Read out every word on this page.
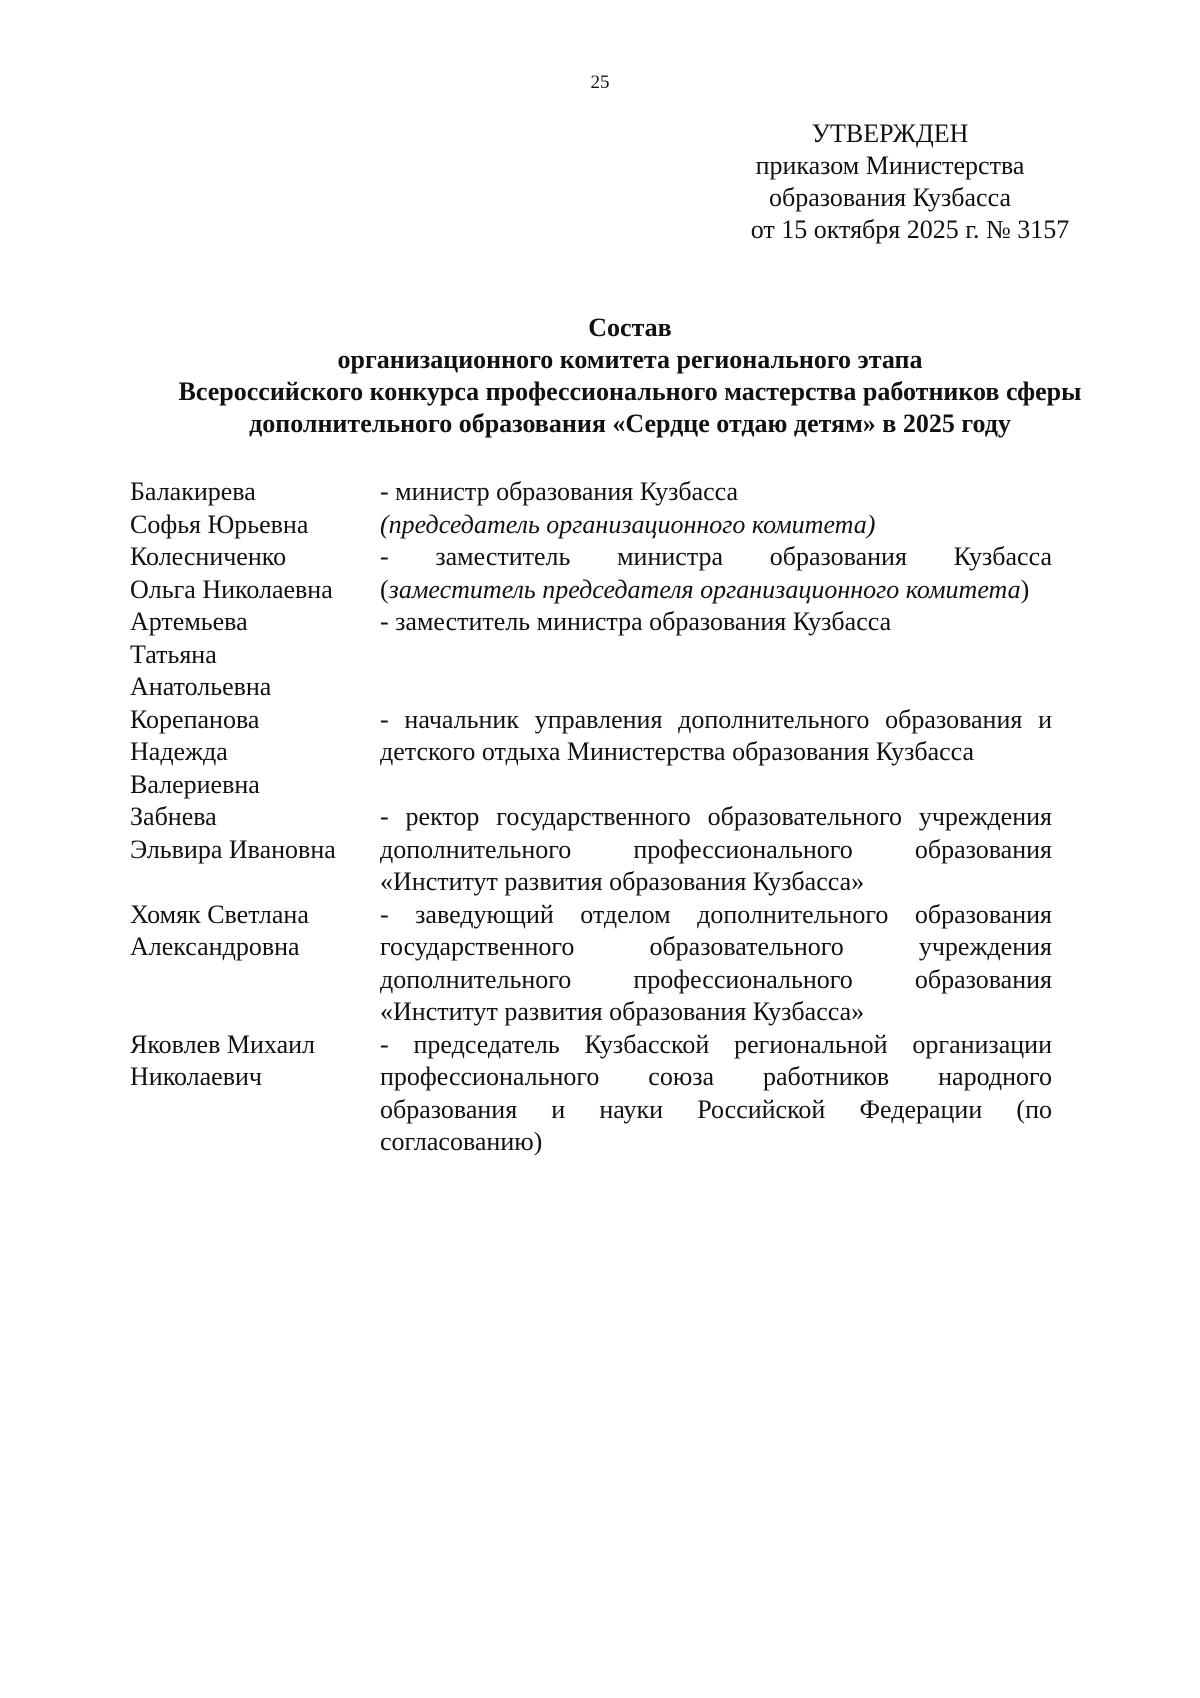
25
УТВЕРЖДЕН
приказом Министерства
образования Кузбасса
от 15 октября 2025 г. № 3157
Состав
организационного комитета регионального этапа
Всероссийского конкурса профессионального мастерства работников сферы
дополнительного образования «Сердце отдаю детям» в 2025 году
Балакирева
Софья Юрьевна
- министр образования Кузбасса
(председатель организационного комитета)
Колесниченко
Ольга Николаевна
- заместитель министра образования Кузбасса (заместитель председателя организационного комитета)
Артемьева
Татьяна
Анатольевна
- заместитель министра образования Кузбасса
Корепанова
Надежда
Валериевна
- начальник управления дополнительного образования и детского отдыха Министерства образования Кузбасса
Забнева
Эльвира Ивановна
- ректор государственного образовательного учреждения дополнительного профессионального образования «Институт развития образования Кузбасса»
Хомяк Светлана
Александровна
- заведующий отделом дополнительного образования государственного образовательного учреждения дополнительного профессионального образования «Институт развития образования Кузбасса»
Яковлев Михаил
Николаевич
- председатель Кузбасской региональной организации профессионального союза работников народного образования и науки Российской Федерации (по согласованию)
